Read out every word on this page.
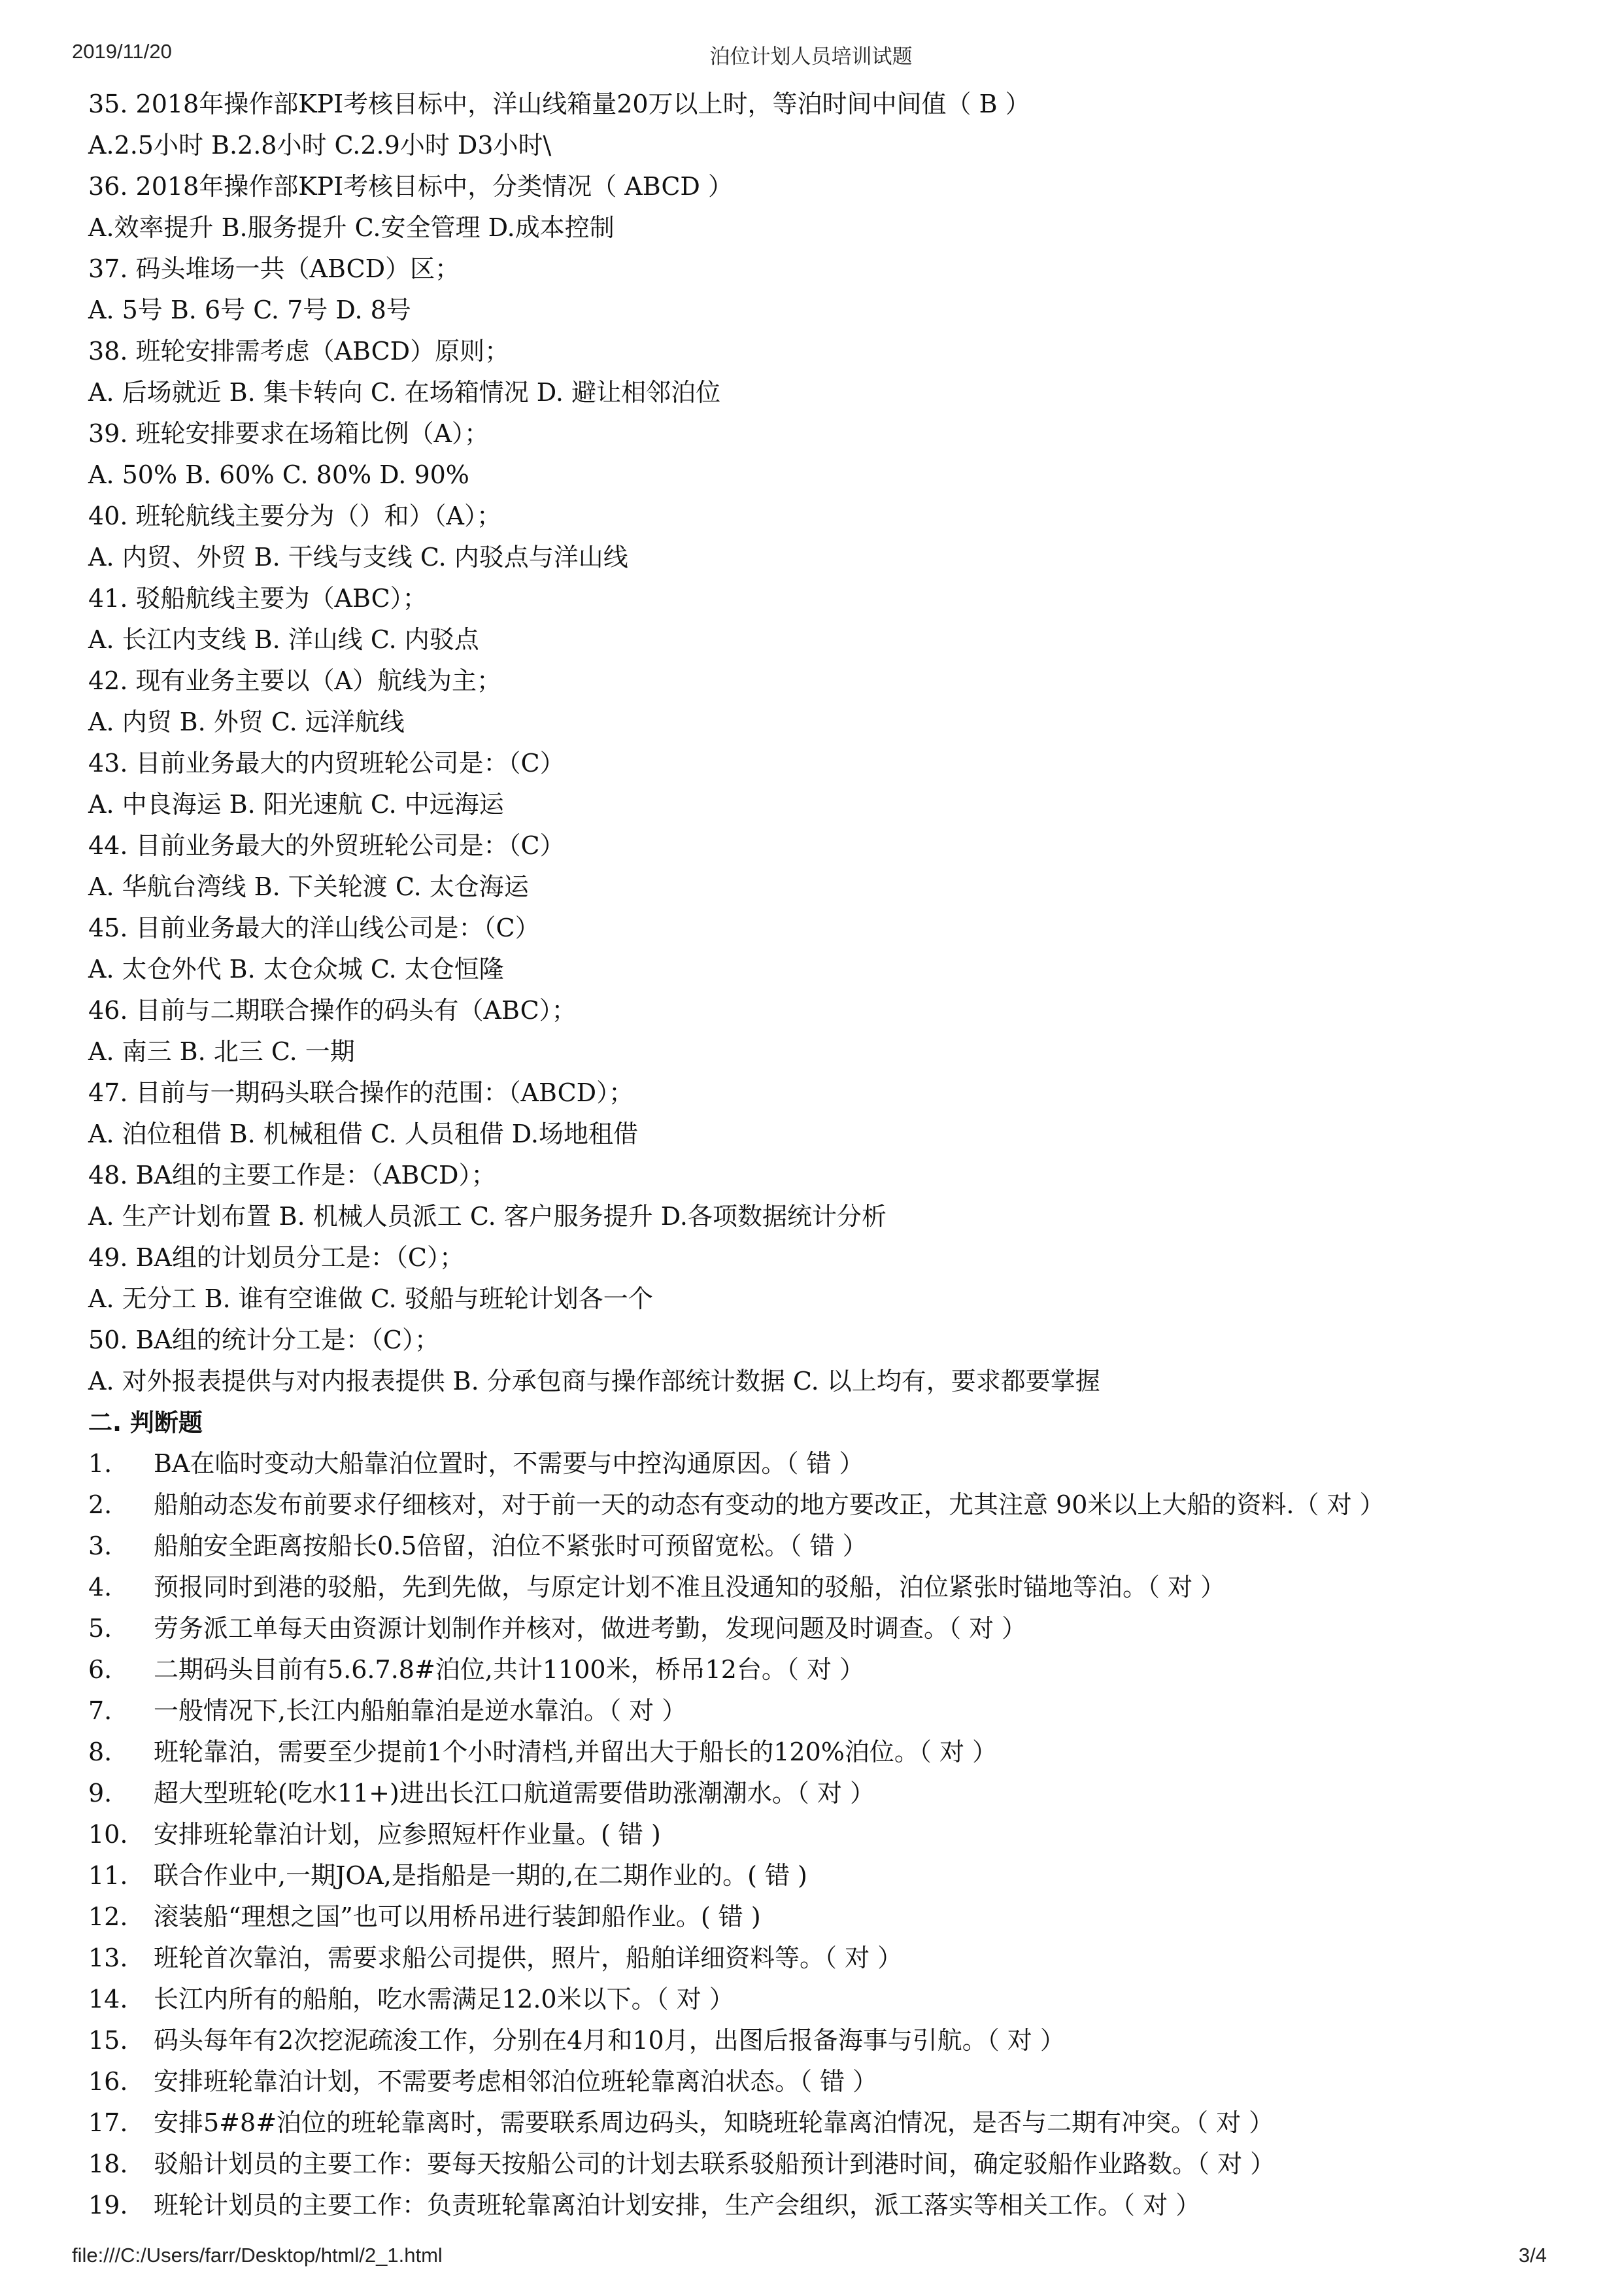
2019/11/20	泊位计划人员培训试题
35. 2018年操作部KPI考核目标中，洋山线箱量20万以上时，等泊时间中间值（ B ）
A.2.5小时 B.2.8小时 C.2.9小时 D3小时\
36. 2018年操作部KPI考核目标中，分类情况（ ABCD ）
A.效率提升 B.服务提升 C.安全管理 D.成本控制
37. 码头堆场一共（ABCD）区；
A. 5号 B. 6号 C. 7号 D. 8号
38. 班轮安排需考虑（ABCD）原则；
A. 后场就近 B. 集卡转向 C. 在场箱情况 D. 避让相邻泊位
39. 班轮安排要求在场箱比例（A）；
A. 50% B. 60% C. 80% D. 90%
40. 班轮航线主要分为（）和）（A）；
A. 内贸、外贸 B. 干线与支线 C. 内驳点与洋山线
41. 驳船航线主要为（ABC）；
A. 长江内支线 B. 洋山线 C. 内驳点
42. 现有业务主要以（A）航线为主；
A. 内贸 B. 外贸 C. 远洋航线
43. 目前业务最大的内贸班轮公司是：（C）
A. 中良海运 B. 阳光速航 C. 中远海运
44. 目前业务最大的外贸班轮公司是：（C）
A. 华航台湾线 B. 下关轮渡 C. 太仓海运
45. 目前业务最大的洋山线公司是：（C）
A. 太仓外代 B. 太仓众城 C. 太仓恒隆
46. 目前与二期联合操作的码头有（ABC）；
A. 南三 B. 北三 C. 一期
47. 目前与一期码头联合操作的范围：（ABCD）；
A. 泊位租借 B. 机械租借 C. 人员租借 D.场地租借
48. BA组的主要工作是：（ABCD）；
A. 生产计划布置 B. 机械人员派工 C. 客户服务提升 D.各项数据统计分析
49. BA组的计划员分工是：（C）；
A. 无分工 B. 谁有空谁做 C. 驳船与班轮计划各一个
50. BA组的统计分工是：（C）；
A. 对外报表提供与对内报表提供 B. 分承包商与操作部统计数据 C. 以上均有，要求都要掌握
二. 判断题
1. BA在临时变动大船靠泊位置时，不需要与中控沟通原因。（ 错 ）
2. 船舶动态发布前要求仔细核对，对于前一天的动态有变动的地方要改正，尤其注意 90米以上大船的资料.（ 对 ）
3. 船舶安全距离按船长0.5倍留，泊位不紧张时可预留宽松。（ 错 ）
4. 预报同时到港的驳船，先到先做，与原定计划不准且没通知的驳船，泊位紧张时锚地等泊。（ 对 ）
5. 劳务派工单每天由资源计划制作并核对，做进考勤，发现问题及时调查。（ 对 ）
6. 二期码头目前有5.6.7.8#泊位,共计1100米，桥吊12台。（ 对 ）
7. 一般情况下,长江内船舶靠泊是逆水靠泊。（ 对 ）
8. 班轮靠泊，需要至少提前1个小时清档,并留出大于船长的120%泊位。（ 对 ）
9. 超大型班轮(吃水11+)进出长江口航道需要借助涨潮潮水。（ 对 ）
10. 安排班轮靠泊计划，应参照短杆作业量。( 错 )
11. 联合作业中,一期JOA,是指船是一期的,在二期作业的。( 错 )
12. 滚装船“理想之国”也可以用桥吊进行装卸船作业。( 错 )
13. 班轮首次靠泊，需要求船公司提供，照片，船舶详细资料等。（ 对 ）
14. 长江内所有的船舶，吃水需满足12.0米以下。（ 对 ）
15. 码头每年有2次挖泥疏浚工作，分别在4月和10月，出图后报备海事与引航。（ 对 ）
16. 安排班轮靠泊计划，不需要考虑相邻泊位班轮靠离泊状态。（ 错 ）
17. 安排5#8#泊位的班轮靠离时，需要联系周边码头，知晓班轮靠离泊情况，是否与二期有冲突。（ 对 ）
18. 驳船计划员的主要工作：要每天按船公司的计划去联系驳船预计到港时间，确定驳船作业路数。（ 对 ）
19. 班轮计划员的主要工作：负责班轮靠离泊计划安排，生产会组织，派工落实等相关工作。（ 对 ）
file:///C:/Users/farr/Desktop/html/2_1.html	3/4
